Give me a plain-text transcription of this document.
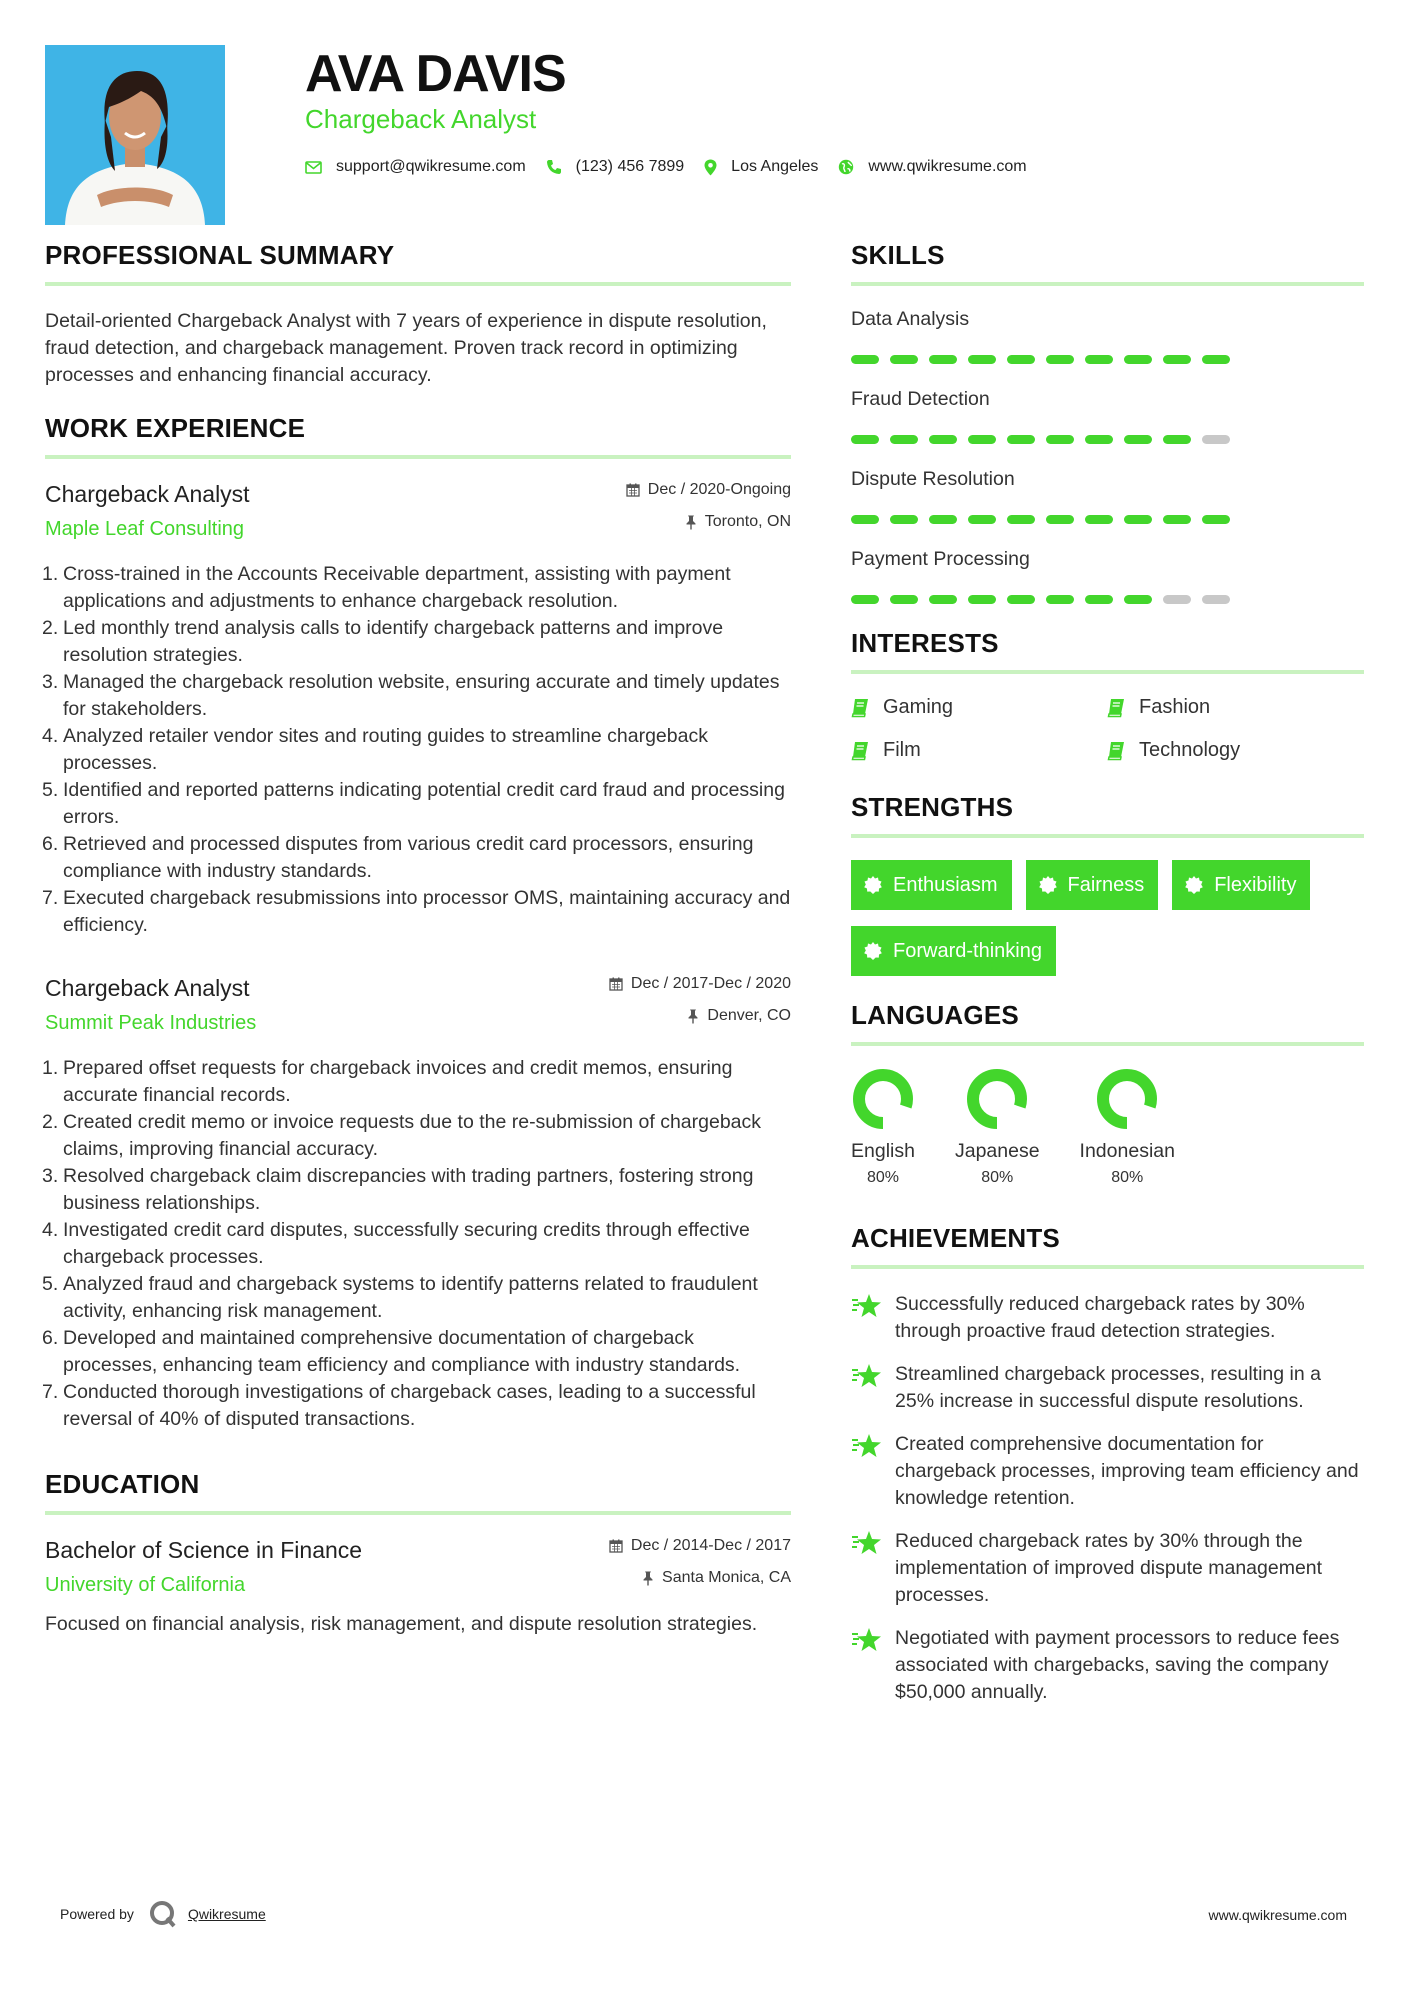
AVA DAVIS
Chargeback Analyst
support@qwikresume.com	(123) 456 7899	Los Angeles	www.qwikresume.com
PROFESSIONAL SUMMARY
Detail-oriented Chargeback Analyst with 7 years of experience in dispute resolution, fraud detection, and chargeback management. Proven track record in optimizing processes and enhancing financial accuracy.
WORK EXPERIENCE
Chargeback Analyst
Maple Leaf Consulting
Dec / 2020-Ongoing
Toronto, ON
1. Cross-trained in the Accounts Receivable department, assisting with payment applications and adjustments to enhance chargeback resolution.
2. Led monthly trend analysis calls to identify chargeback patterns and improve resolution strategies.
3. Managed the chargeback resolution website, ensuring accurate and timely updates for stakeholders.
4. Analyzed retailer vendor sites and routing guides to streamline chargeback processes.
5. Identified and reported patterns indicating potential credit card fraud and processing errors.
6. Retrieved and processed disputes from various credit card processors, ensuring compliance with industry standards.
7. Executed chargeback resubmissions into processor OMS, maintaining accuracy and efficiency.
Chargeback Analyst
Summit Peak Industries
Dec / 2017-Dec / 2020
Denver, CO
1. Prepared offset requests for chargeback invoices and credit memos, ensuring accurate financial records.
2. Created credit memo or invoice requests due to the re-submission of chargeback claims, improving financial accuracy.
3. Resolved chargeback claim discrepancies with trading partners, fostering strong business relationships.
4. Investigated credit card disputes, successfully securing credits through effective chargeback processes.
5. Analyzed fraud and chargeback systems to identify patterns related to fraudulent activity, enhancing risk management.
6. Developed and maintained comprehensive documentation of chargeback processes, enhancing team efficiency and compliance with industry standards.
7. Conducted thorough investigations of chargeback cases, leading to a successful reversal of 40% of disputed transactions.
EDUCATION
Bachelor of Science in Finance
University of California
Dec / 2014-Dec / 2017
Santa Monica, CA
Focused on financial analysis, risk management, and dispute resolution strategies.
SKILLS
Data Analysis
Fraud Detection
Dispute Resolution
Payment Processing
INTERESTS
Gaming	Fashion
Film	Technology
STRENGTHS
Enthusiasm	Fairness	Flexibility
Forward-thinking
LANGUAGES
English
80%
Japanese
80%
Indonesian
80%
ACHIEVEMENTS
Successfully reduced chargeback rates by 30% through proactive fraud detection strategies.
Streamlined chargeback processes, resulting in a 25% increase in successful dispute resolutions.
Created comprehensive documentation for chargeback processes, improving team efficiency and knowledge retention.
Reduced chargeback rates by 30% through the implementation of improved dispute management processes.
Negotiated with payment processors to reduce fees associated with chargebacks, saving the company $50,000 annually.
Powered by	Qwikresume	www.qwikresume.com
